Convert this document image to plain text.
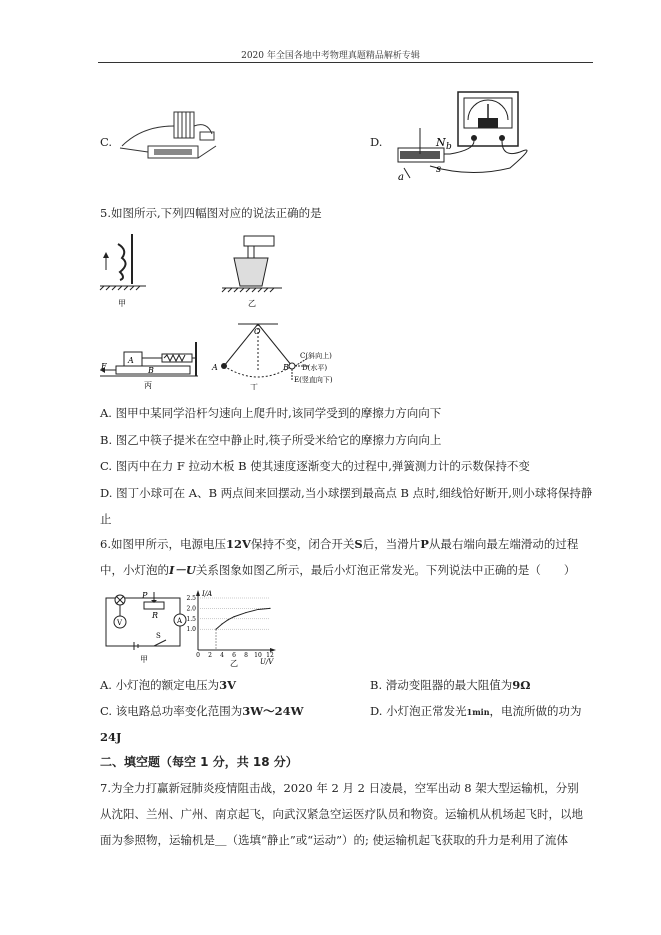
2020 年全国各地中考物理真题精品解析专辑
C.	D.	N b
a
s
5.如图所示,下列四幅图对应的说法正确的是
甲	乙
F
A
B
丙
O
A	B
C(斜向上)
D(水平)
E(竖直向下)
丁
A. 图甲中某同学沿杆匀速向上爬升时,该同学受到的摩擦力方向向下
B. 图乙中筷子提米在空中静止时,筷子所受米给它的摩擦力方向向上
C. 图丙中在力 F 拉动木板 B 使其速度逐渐变大的过程中,弹簧测力计的示数保持不变
D. 图丁小球可在 A、B 两点间来回摆动,当小球摆到最高点 B 点时,细线恰好断开,则小球将保持静
止
6.如图甲所示，电源电压12V保持不变，闭合开关S后，当滑片P从最右端向最左端滑动的过程
中，小灯泡的I－U关系图象如图乙所示，最后小灯泡正常发光。下列说法中正确的是（　　）
P
R
V	A
S
甲
I/A
U/V
乙
1.0
1.5
2.0
2.5
0 2 4 6 8 10 12
A. 小灯泡的额定电压为3V	B. 滑动变阻器的最大阻值为9Ω
C. 该电路总功率变化范围为3W～24W	D. 小灯泡正常发光1min，电流所做的功为
24J
二、填空题（每空 1 分，共 18 分）
7.为全力打赢新冠肺炎疫情阻击战，2020 年 2 月 2 日凌晨，空军出动 8 架大型运输机，分别
从沈阳、兰州、广州、南京起飞，向武汉紧急空运医疗队员和物资。运输机从机场起飞时，以地
面为参照物，运输机是＿（选填“静止”或“运动”）的; 使运输机起飞获取的升力是利用了流体
